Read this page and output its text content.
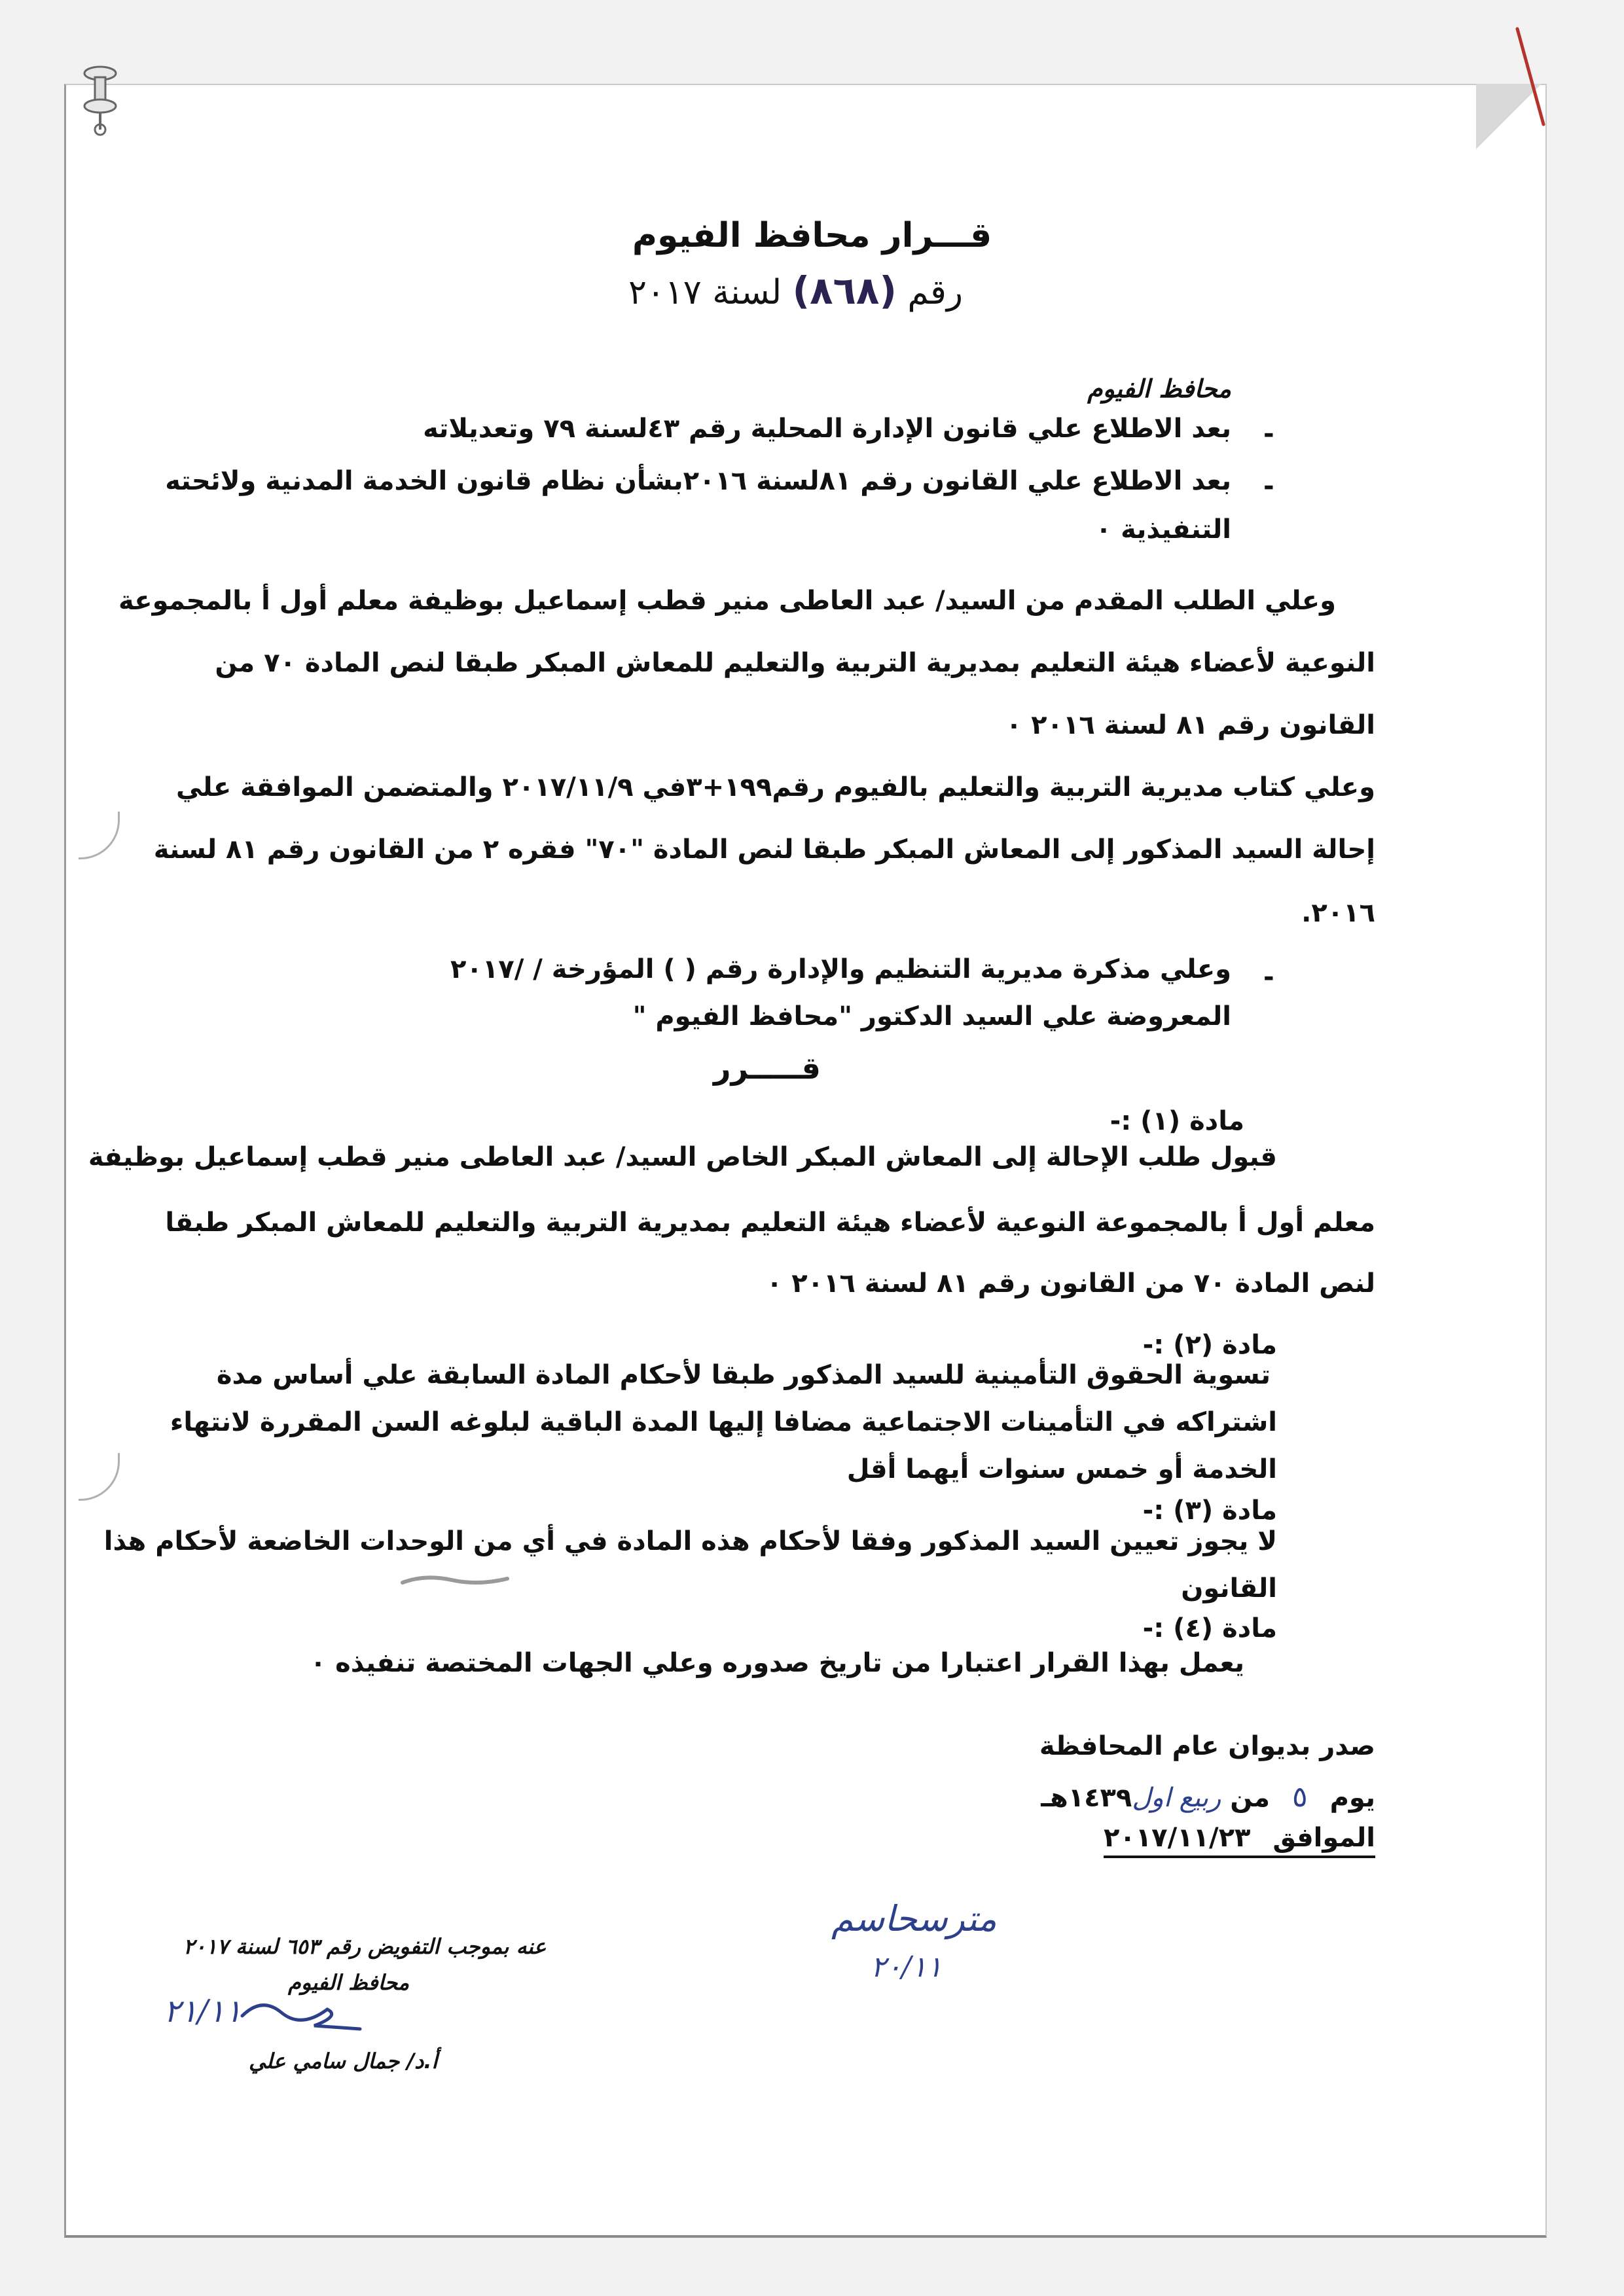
قـــرار محافظ الفيوم
رقم (٨٦٨) لسنة ٢٠١٧
محافظ الفيوم
-
بعد الاطلاع علي قانون الإدارة المحلية رقم ٤٣لسنة ٧٩ وتعديلاته
-
بعد الاطلاع علي القانون رقم ٨١لسنة ٢٠١٦بشأن نظام قانون الخدمة المدنية ولائحته
التنفيذية ٠
وعلي الطلب المقدم من السيد/ عبد العاطى منير قطب إسماعيل بوظيفة معلم أول أ بالمجموعة
النوعية لأعضاء هيئة التعليم بمديرية التربية والتعليم للمعاش المبكر طبقا لنص المادة ٧٠ من
القانون رقم ٨١ لسنة ٢٠١٦ ٠
وعلي كتاب مديرية التربية والتعليم بالفيوم رقم١٩٩+٣في ٢٠١٧/١١/٩ والمتضمن الموافقة علي
إحالة السيد المذكور إلى المعاش المبكر طبقا لنص المادة "٧٠" فقره ٢ من القانون رقم ٨١ لسنة
٢٠١٦.
-
وعلي مذكرة مديرية التنظيم والإدارة رقم ( ) المؤرخة / /٢٠١٧
المعروضة علي السيد الدكتور "محافظ الفيوم "
قـــــرر
مادة (١) :-
قبول طلب الإحالة إلى المعاش المبكر الخاص السيد/ عبد العاطى منير قطب إسماعيل بوظيفة
معلم أول أ بالمجموعة النوعية لأعضاء هيئة التعليم بمديرية التربية والتعليم للمعاش المبكر طبقا
لنص المادة ٧٠ من القانون رقم ٨١ لسنة ٢٠١٦ ٠
مادة (٢) :-
تسوية الحقوق التأمينية للسيد المذكور طبقا لأحكام المادة السابقة علي أساس مدة
اشتراكه في التأمينات الاجتماعية مضافا إليها المدة الباقية لبلوغه السن المقررة لانتهاء
الخدمة أو خمس سنوات أيهما أقل
مادة (٣) :-
لا يجوز تعيين السيد المذكور وفقا لأحكام هذه المادة في أي من الوحدات الخاضعة لأحكام هذا
القانون
مادة (٤) :-
يعمل بهذا القرار اعتبارا من تاريخ صدوره وعلي الجهات المختصة تنفيذه ٠
صدر بديوان عام المحافظة
يوم ٥ من ربيع اول١٤٣٩هـ
الموافق ٢٠١٧/١١/٢٣
مترسحاسم
٢٠/١١
عنه بموجب التفويض رقم ٦٥٣ لسنة ٢٠١٧
محافظ الفيوم
٢١/١١
أ.د/ جمال سامي علي
